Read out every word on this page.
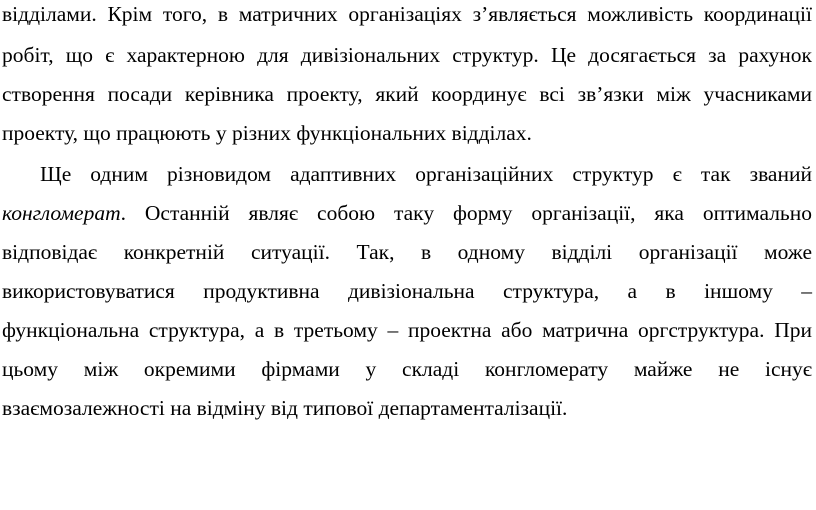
відділами. Крім того, в матричних організаціях з’являється можливість координації
робіт, що є характерною для дивізіональних структур. Це досягається за рахунок
створення посади керівника проекту, який координує всі зв’язки між учасниками
проекту, що працюють у різних функціональних відділах.
Ще одним різновидом адаптивних організаційних структур є так званий
конгломерат. Останній являє собою таку форму організації, яка оптимально
відповідає конкретній ситуації. Так, в одному відділі організації може
використовуватися продуктивна дивізіональна структура, а в іншому –
функціональна структура, а в третьому – проектна або матрична оргструктура. При
цьому між окремими фірмами у складі конгломерату майже не існує
взаємозалежності на відміну від типової департаменталізації.
